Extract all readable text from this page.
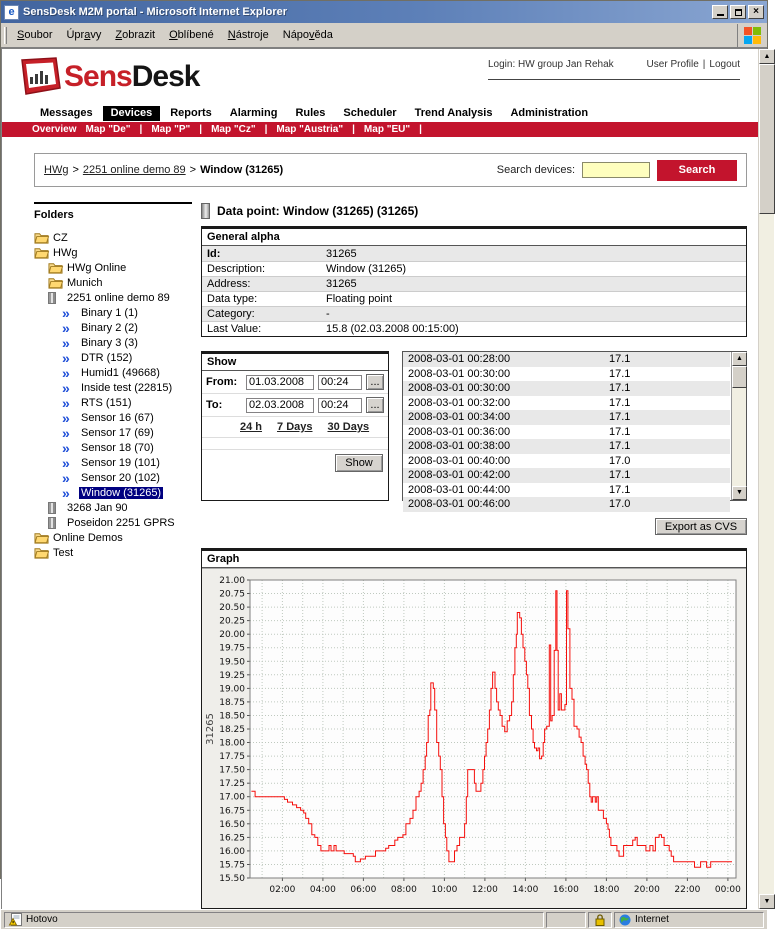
e SensDesk M2M portal - Microsoft Internet Explorer	×
Soubor	Úpravy	Zobrazit	Oblíbené	Nástroje	Nápověda
SensDesk	Login: HW group Jan Rehak	User Profile | Logout
Messages	Devices	Reports	Alarming	Rules	Scheduler	Trend Analysis	Administration
Overview Map "De" | Map "P" | Map "Cz" | Map "Austria" | Map "EU" |
HWg > 2251 online demo 89 > Window (31265)	Search devices:	Search
Folders
CZ
HWg
HWg Online
Munich
2251 online demo 89
» Binary 1 (1)
» Binary 2 (2)
» Binary 3 (3)
» DTR (152)
» Humid1 (49668)
» Inside test (22815)
» RTS (151)
» Sensor 16 (67)
» Sensor 17 (69)
» Sensor 18 (70)
» Sensor 19 (101)
» Sensor 20 (102)
» Window (31265)
3268 Jan 90
Poseidon 2251 GPRS
Online Demos
Test
Data point: Window (31265) (31265)
General alpha
Id:	31265
Description:	Window (31265)
Address:	31265
Data type:	Floating point
Category:	-
Last Value:	15.8 (02.03.2008 00:15:00)
Show
From:
01.03.2008
00:24	...
To:
02.03.2008
00:24	...
24 h 7 Days 30 Days
Show
2008-03-01 00:28:00	17.1
2008-03-01 00:30:00	17.1
2008-03-01 00:30:00	17.1
2008-03-01 00:32:00	17.1
2008-03-01 00:34:00	17.1
2008-03-01 00:36:00	17.1
2008-03-01 00:38:00	17.1
2008-03-01 00:40:00	17.0
2008-03-01 00:42:00	17.1
2008-03-01 00:44:00	17.1
2008-03-01 00:46:00	17.0
▲
▼
Export as CVS
Graph
15.50
15.75
16.00
16.25
16.50
16.75
17.00
17.25
17.50
17.75
18.00
18.25
18.50
18.75
19.00
19.25
19.50
19.75
20.00
20.25
20.50
20.75
21.00
02:00 04:00 06:00 08:00 10:00 12:00 14:00 16:00 18:00 20:00 22:00 00:00
31265
▲
▼
Hotovo	Internet
